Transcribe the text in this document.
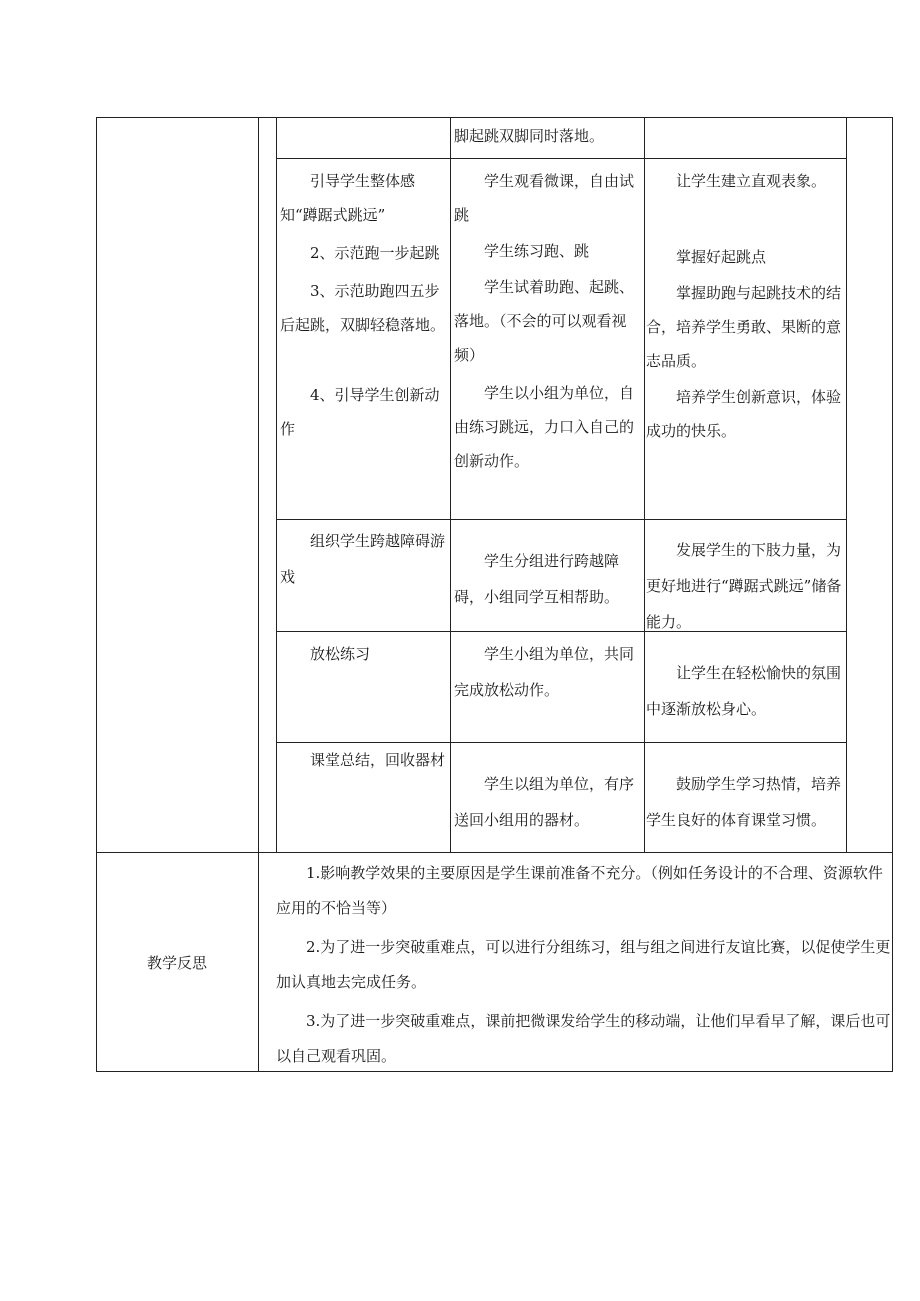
脚起跳双脚同时落地。

引导学生整体感知“蹲踞式跳远”

2、示范跑一步起跳

3、示范助跑四五步后起跳，双脚轻稳落地。

4、引导学生创新动作

学生观看微课，自由试跳

学生练习跑、跳

学生试着助跑、起跳、落地。（不会的可以观看视频）

学生以小组为单位，自由练习跳远，力口入自己的创新动作。

让学生建立直观表象。

掌握好起跳点

掌握助跑与起跳技术的结合，培养学生勇敢、果断的意志品质。

培养学生创新意识，体验成功的快乐。

组织学生跨越障碍游戏

学生分组进行跨越障碍，小组同学互相帮助。

发展学生的下肢力量，为更好地进行“蹲踞式跳远”储备能力。

放松练习	学生小组为单位，共同完成放松动作。

让学生在轻松愉快的氛围中逐渐放松身心。

课堂总结，回收器材

学生以组为单位，有序送回小组用的器材。

鼓励学生学习热情，培养学生良好的体育课堂习惯。

教学反思

1.影响教学效果的主要原因是学生课前准备不充分。（例如任务设计的不合理、资源软件应用的不恰当等）

2.为了进一步突破重难点，可以进行分组练习，组与组之间进行友谊比赛，以促使学生更加认真地去完成任务。

3.为了进一步突破重难点，课前把微课发给学生的移动端，让他们早看早了解，课后也可以自己观看巩固。
